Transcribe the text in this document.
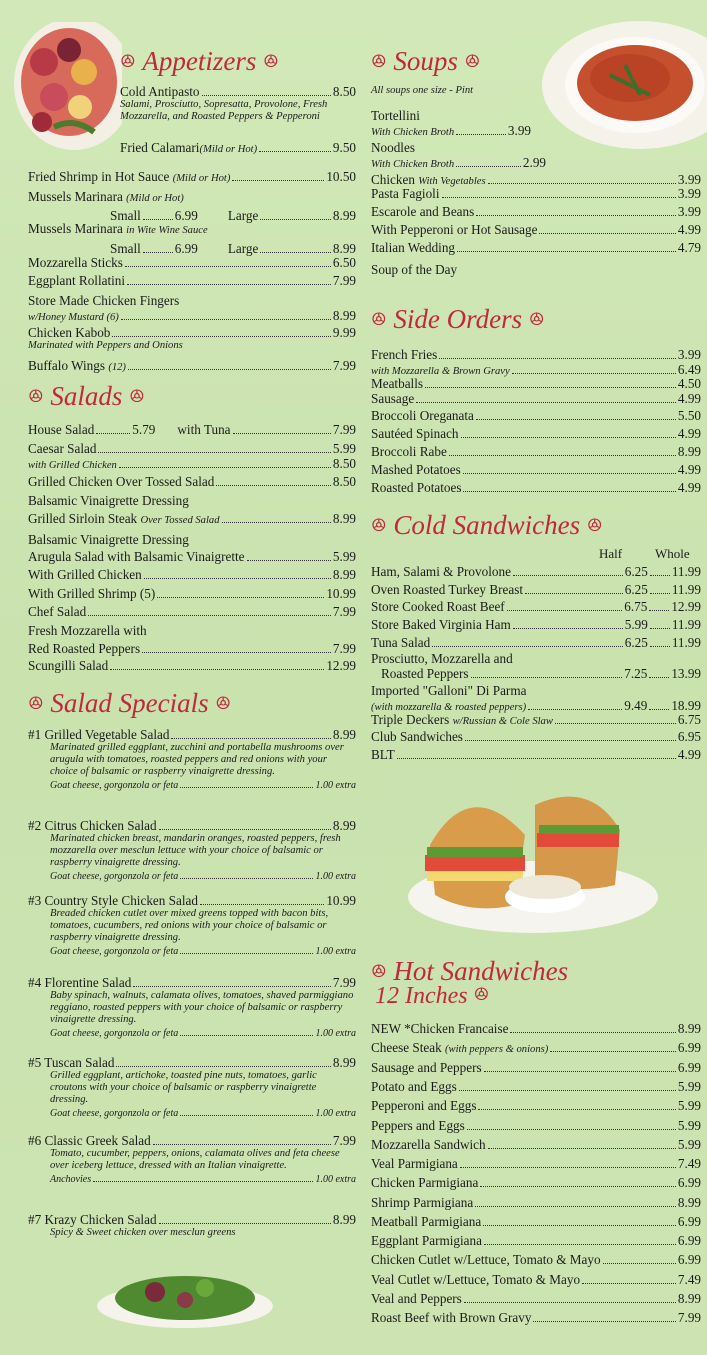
ꔮ Appetizers ꔮ
Cold Antipasto	8.50
Salami, Prosciutto, Sopresatta, Provolone, Fresh Mozzarella, and Roasted Peppers & Pepperoni
Fried Calamari(Mild or Hot)	9.50
Fried Shrimp in Hot Sauce (Mild or Hot)	10.50
Mussels Marinara (Mild or Hot)
Small	6.99 Large	8.99
Mussels Marinara in Wite Wine Sauce
Small	6.99 Large	8.99
Mozzarella Sticks	6.50
Eggplant Rollatini	7.99
Store Made Chicken Fingers
w/Honey Mustard (6)	8.99
Chicken Kabob	9.99
Marinated with Peppers and Onions
Buffalo Wings (12)	7.99
ꔮ Salads ꔮ
House Salad	5.79 with Tuna	7.99
Caesar Salad	5.99
with Grilled Chicken	8.50
Grilled Chicken Over Tossed Salad	8.50
Balsamic Vinaigrette Dressing
Grilled Sirloin Steak Over Tossed Salad	8.99
Balsamic Vinaigrette Dressing
Arugula Salad with Balsamic Vinaigrette	5.99
With Grilled Chicken	8.99
With Grilled Shrimp (5)	10.99
Chef Salad	7.99
Fresh Mozzarella with
Red Roasted Peppers	7.99
Scungilli Salad	12.99
ꔮ Salad Specials ꔮ
#1 Grilled Vegetable Salad	8.99
Marinated grilled eggplant, zucchini and portabella mushrooms over arugula with tomatoes, roasted peppers and red onions with your choice of balsamic or raspberry vinaigrette dressing.
Goat cheese, gorgonzola or feta	1.00 extra
#2 Citrus Chicken Salad	8.99
Marinated chicken breast, mandarin oranges, roasted peppers, fresh mozzarella over mesclun lettuce with your choice of balsamic or raspberry vinaigrette dressing.
Goat cheese, gorgonzola or feta	1.00 extra
#3 Country Style Chicken Salad	10.99
Breaded chicken cutlet over mixed greens topped with bacon bits, tomatoes, cucumbers, red onions with your choice of balsamic or raspberry vinaigrette dressing.
Goat cheese, gorgonzola or feta	1.00 extra
#4 Florentine Salad	7.99
Baby spinach, walnuts, calamata olives, tomatoes, shaved parmiggiano reggiano, roasted peppers with your choice of balsamic or raspberry vinaigrette dressing.
Goat cheese, gorgonzola or feta	1.00 extra
#5 Tuscan Salad	8.99
Grilled eggplant, artichoke, toasted pine nuts, tomatoes, garlic croutons with your choice of balsamic or raspberry vinaigrette dressing.
Goat cheese, gorgonzola or feta	1.00 extra
#6 Classic Greek Salad	7.99
Tomato, cucumber, peppers, onions, calamata olives and feta cheese over iceberg lettuce, dressed with an Italian vinaigrette.
Anchovies	1.00 extra
#7 Krazy Chicken Salad	8.99
Spicy & Sweet chicken over mesclun greens
ꔮ Soups ꔮ
All soups one size - Pint
Tortellini
With Chicken Broth	3.99
Noodles
With Chicken Broth	2.99
Chicken With Vegetables	3.99
Pasta Fagioli	3.99
Escarole and Beans	3.99
With Pepperoni or Hot Sausage	4.99
Italian Wedding	4.79
Soup of the Day
ꔮ Side Orders ꔮ
French Fries	3.99
with Mozzarella & Brown Gravy	6.49
Meatballs	4.50
Sausage	4.99
Broccoli Oreganata	5.50
Sautéed Spinach	4.99
Broccoli Rabe	8.99
Mashed Potatoes	4.99
Roasted Potatoes	4.99
ꔮ Cold Sandwiches ꔮ
Half	Whole
Ham, Salami & Provolone	6.25 11.99
Oven Roasted Turkey Breast	6.25 11.99
Store Cooked Roast Beef	6.75 12.99
Store Baked Virginia Ham	5.99 11.99
Tuna Salad	6.25 11.99
Prosciutto, Mozzarella and
Roasted Peppers	7.25 13.99
Imported "Galloni" Di Parma
(with mozzarella & roasted peppers)	9.49 18.99
Triple Deckers w/Russian & Cole Slaw	6.75
Club Sandwiches	6.95
BLT	4.99
ꔮ Hot Sandwiches
12 Inches ꔮ
NEW *Chicken Francaise	8.99
Cheese Steak (with peppers & onions)	6.99
Sausage and Peppers	6.99
Potato and Eggs	5.99
Pepperoni and Eggs	5.99
Peppers and Eggs	5.99
Mozzarella Sandwich	5.99
Veal Parmigiana	7.49
Chicken Parmigiana	6.99
Shrimp Parmigiana	8.99
Meatball Parmigiana	6.99
Eggplant Parmigiana	6.99
Chicken Cutlet w/Lettuce, Tomato & Mayo	6.99
Veal Cutlet w/Lettuce, Tomato & Mayo	7.49
Veal and Peppers	8.99
Roast Beef with Brown Gravy	7.99
